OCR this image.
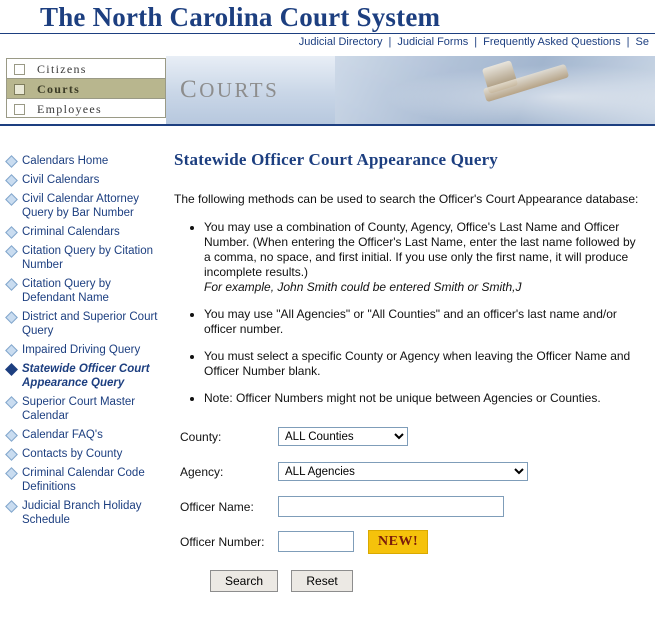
The North Carolina Court System
Judicial Directory | Judicial Forms | Frequently Asked Questions | Se
Citizens
Courts
Employees
COURTS
Calendars Home
Civil Calendars
Civil Calendar Attorney Query by Bar Number
Criminal Calendars
Citation Query by Citation Number
Citation Query by Defendant Name
District and Superior Court Query
Impaired Driving Query
Statewide Officer Court Appearance Query
Superior Court Master Calendar
Calendar FAQ's
Contacts by County
Criminal Calendar Code Definitions
Judicial Branch Holiday Schedule
Statewide Officer Court Appearance Query

The following methods can be used to search the Officer's Court Appearance database:

• You may use a combination of County, Agency, Office's Last Name and Officer Number. (When entering the Officer's Last Name, enter the last name followed by a comma, no space, and first initial. If you use only the first name, it will produce incomplete results.)
For example, John Smith could be entered Smith or Smith,J
• You may use "All Agencies" or "All Counties" and an officer's last name and/or officer number.
• You must select a specific County or Agency when leaving the Officer Name and Officer Number blank.
• Note: Officer Numbers might not be unique between Agencies or Counties.
County:
ALL Counties
Agency:
ALL Agencies
Officer Name:
Officer Number:	NEW!
Search	Reset
